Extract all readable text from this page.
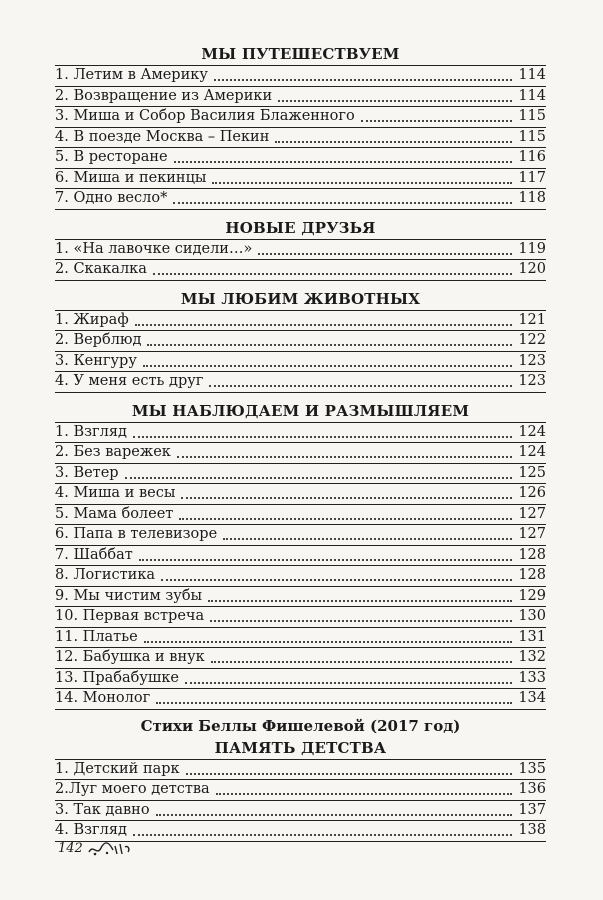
МЫ ПУТЕШЕСТВУЕМ
1. Летим в Америку	114
2. Возвращение из Америки	114
3. Миша и Собор Василия Блаженного	115
4. В поезде Москва – Пекин	115
5. В ресторане	116
6. Миша и пекинцы	117
7. Одно весло*	118
НОВЫЕ ДРУЗЬЯ
1. «На лавочке сидели…»	119
2. Скакалка	120
МЫ ЛЮБИМ ЖИВОТНЫХ
1. Жираф	121
2. Верблюд	122
3. Кенгуру	123
4. У меня есть друг	123
МЫ НАБЛЮДАЕМ И РАЗМЫШЛЯЕМ
1. Взгляд	124
2. Без варежек	124
3. Ветер	125
4. Миша и весы	126
5. Мама болеет	127
6. Папа в телевизоре	127
7. Шаббат	128
8. Логистика	128
9. Мы чистим зубы	129
10. Первая встреча	130
11. Платье	131
12. Бабушка и внук	132
13. Прабабушке	133
14. Монолог	134
Стихи Беллы Фишелевой (2017 год)
ПАМЯТЬ ДЕТСТВА
1. Детский парк	135
2.Луг моего детства	136
3. Так давно	137
4. Взгляд	138
142
